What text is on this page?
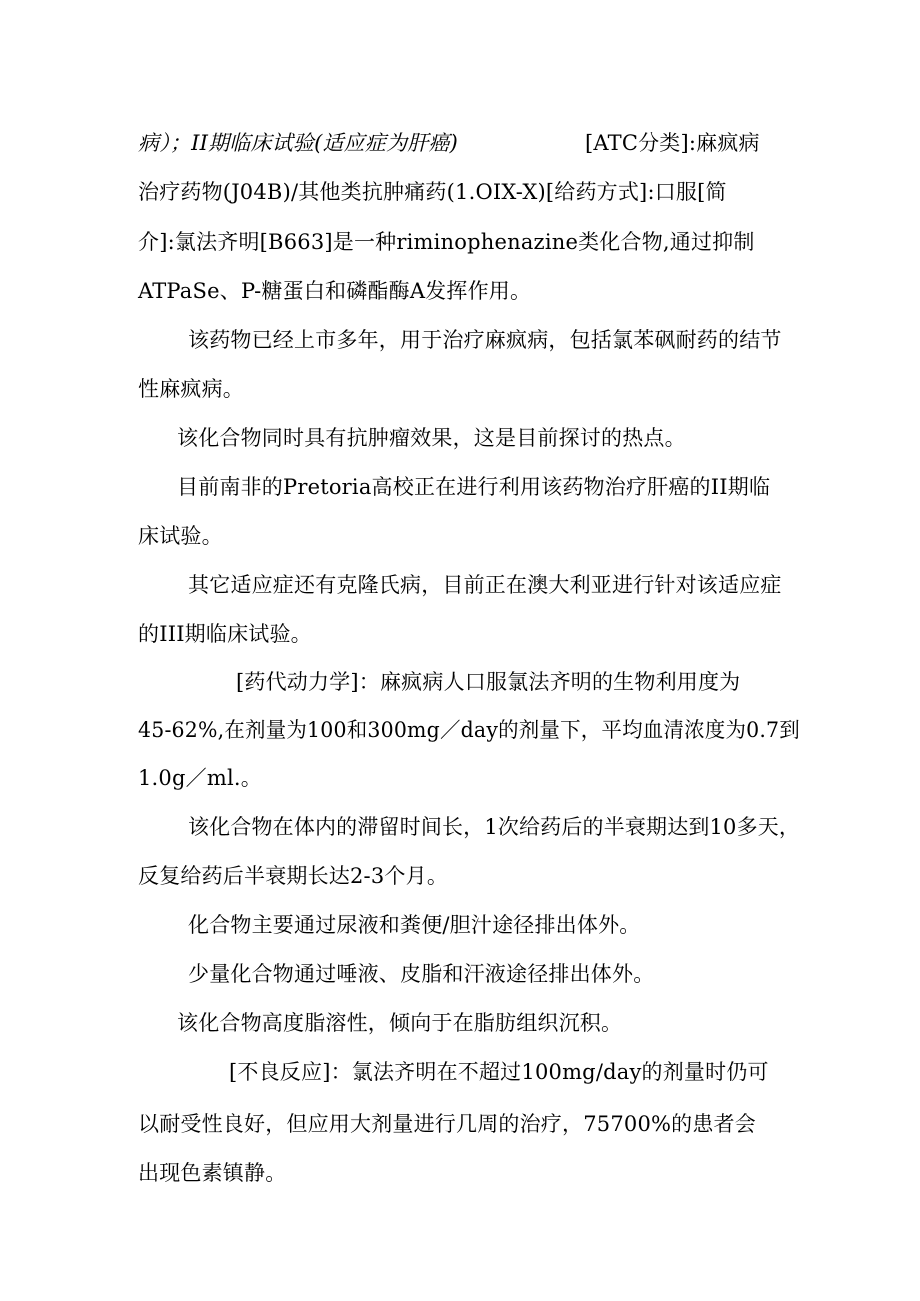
病）；II期临床试验(适应症为肝癌)	[ATC分类]:麻疯病
治疗药物(J04B)/其他类抗肿痛药(1.OIX-X)[给药方式]:口服[简
介]:氯法齐明[B663]是一种riminophenazine类化合物,通过抑制
ATPaSe、P-糖蛋白和磷酯酶Α发挥作用。
该药物已经上市多年，用于治疗麻疯病，包括氯苯砜耐药的结节
性麻疯病。
该化合物同时具有抗肿瘤效果，这是目前探讨的热点。
目前南非的Pretoria高校正在进行利用该药物治疗肝癌的II期临
床试验。
其它适应症还有克隆氏病，目前正在澳大利亚进行针对该适应症
的III期临床试验。
[药代动力学]：麻疯病人口服氯法齐明的生物利用度为
45-62%,在剂量为100和300mg／day的剂量下，平均血清浓度为0.7到
1.0g／ml.。
该化合物在体内的滞留时间长，1次给药后的半衰期达到10多天，
反复给药后半衰期长达2-3个月。
化合物主要通过尿液和粪便/胆汁途径排出体外。
少量化合物通过唾液、皮脂和汗液途径排出体外。
该化合物高度脂溶性，倾向于在脂肪组织沉积。
[不良反应]：氯法齐明在不超过100mg/day的剂量时仍可
以耐受性良好，但应用大剂量进行几周的治疗，75700%的患者会
出现色素镇静。
